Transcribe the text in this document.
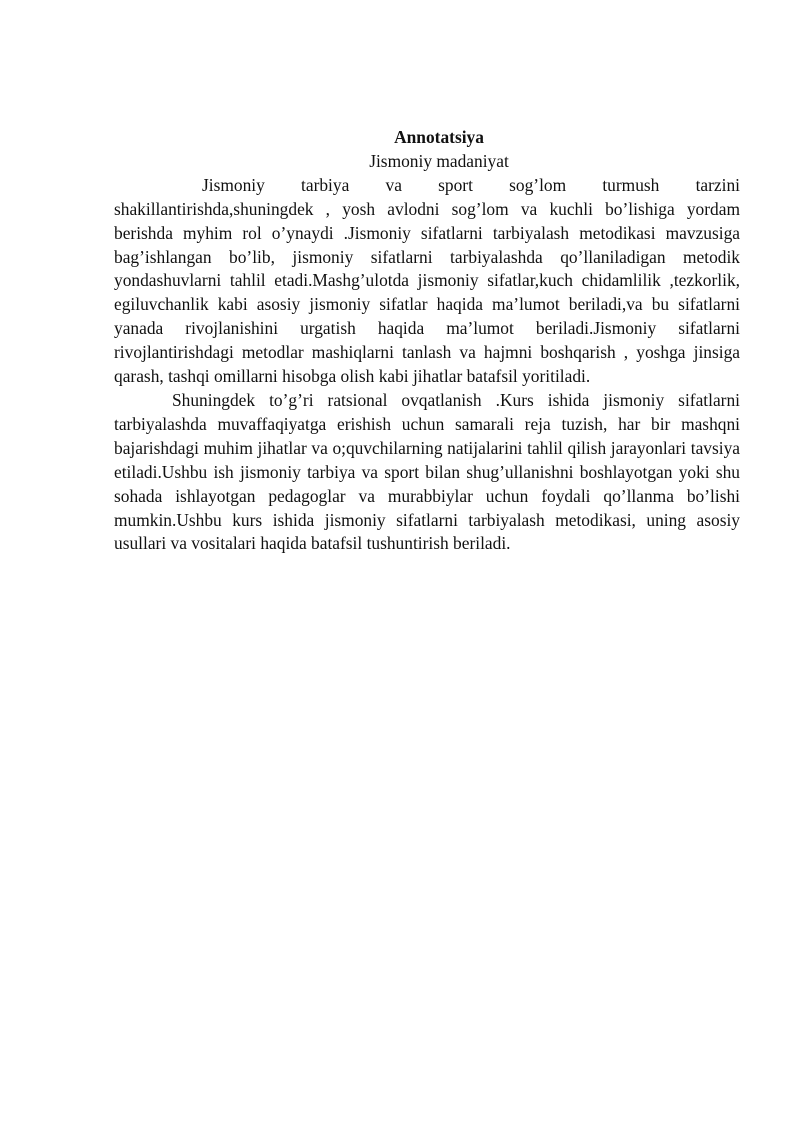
Annotatsiya

Jismoniy madaniyat

Jismoniy tarbiya va sport sog’lom turmush tarzini shakillantirishda,shuningdek , yosh avlodni sog’lom va kuchli bo’lishiga yordam berishda myhim rol o’ynaydi .Jismoniy sifatlarni tarbiyalash metodikasi mavzusiga bag’ishlangan bo’lib, jismoniy sifatlarni tarbiyalashda qo’llaniladigan metodik yondashuvlarni tahlil etadi.Mashg’ulotda jismoniy sifatlar,kuch chidamlilik ,tezkorlik, egiluvchanlik kabi asosiy jismoniy sifatlar haqida ma’lumot beriladi,va bu sifatlarni yanada rivojlanishini urgatish haqida ma’lumot beriladi.Jismoniy sifatlarni rivojlantirishdagi metodlar mashiqlarni tanlash va hajmni boshqarish , yoshga jinsiga qarash, tashqi omillarni hisobga olish kabi jihatlar batafsil yoritiladi.

Shuningdek to’g’ri ratsional ovqatlanish .Kurs ishida jismoniy sifatlarni tarbiyalashda muvaffaqiyatga erishish uchun samarali reja tuzish, har bir mashqni bajarishdagi muhim jihatlar va o;quvchilarning natijalarini tahlil qilish jarayonlari tavsiya etiladi.Ushbu ish jismoniy tarbiya va sport bilan shug’ullanishni boshlayotgan yoki shu sohada ishlayotgan pedagoglar va murabbiylar uchun foydali qo’llanma bo’lishi mumkin.Ushbu kurs ishida jismoniy sifatlarni tarbiyalash metodikasi, uning asosiy usullari va vositalari haqida batafsil tushuntirish beriladi.
